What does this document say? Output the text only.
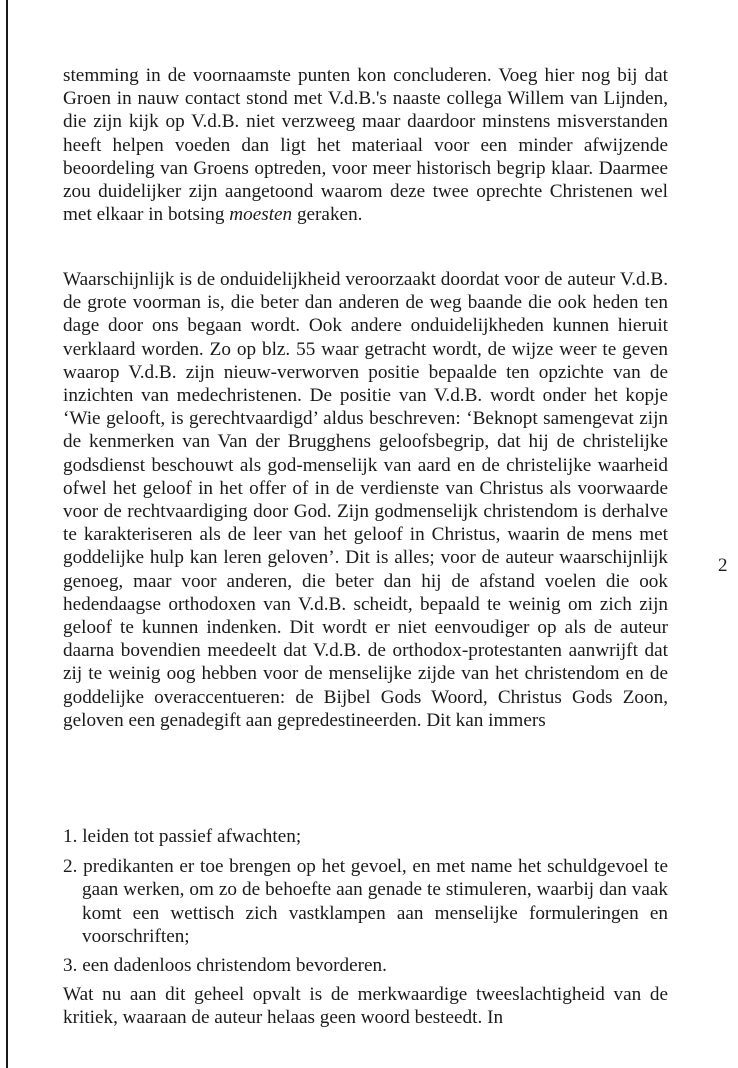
stemming in de voornaamste punten kon concluderen. Voeg hier nog bij dat Groen in nauw contact stond met V.d.B.'s naaste collega Willem van Lijnden, die zijn kijk op V.d.B. niet verzweeg maar daardoor minstens misverstanden heeft helpen voeden dan ligt het materiaal voor een minder afwijzende beoordeling van Groens optreden, voor meer historisch begrip klaar. Daarmee zou duidelijker zijn aangetoond waarom deze twee oprechte Christenen wel met elkaar in botsing moesten geraken.
Waarschijnlijk is de onduidelijkheid veroorzaakt doordat voor de auteur V.d.B. de grote voorman is, die beter dan anderen de weg baande die ook heden ten dage door ons begaan wordt. Ook andere onduidelijkheden kunnen hieruit verklaard worden. Zo op blz. 55 waar getracht wordt, de wijze weer te geven waarop V.d.B. zijn nieuw-verworven positie bepaalde ten opzichte van de inzichten van medechristenen. De positie van V.d.B. wordt onder het kopje ‘Wie gelooft, is gerechtvaardigd’ aldus beschreven: ‘Beknopt samengevat zijn de kenmerken van Van der Brugghens geloofsbegrip, dat hij de christelijke godsdienst beschouwt als god-menselijk van aard en de christelijke waarheid ofwel het geloof in het offer of in de verdienste van Christus als voorwaarde voor de rechtvaardiging door God. Zijn godmenselijk christendom is derhalve te karakteriseren als de leer van het geloof in Christus, waarin de mens met goddelijke hulp kan leren geloven’. Dit is alles; voor de auteur waarschijnlijk genoeg, maar voor anderen, die beter dan hij de afstand voelen die ook hedendaagse orthodoxen van V.d.B. scheidt, bepaald te weinig om zich zijn geloof te kunnen indenken. Dit wordt er niet eenvoudiger op als de auteur daarna bovendien meedeelt dat V.d.B. de orthodox-protestanten aanwrijft dat zij te weinig oog hebben voor de menselijke zijde van het christendom en de goddelijke overaccentueren: de Bijbel Gods Woord, Christus Gods Zoon, geloven een genadegift aan gepredestineerden. Dit kan immers
1. leiden tot passief afwachten;
2. predikanten er toe brengen op het gevoel, en met name het schuldgevoel te gaan werken, om zo de behoefte aan genade te stimuleren, waarbij dan vaak komt een wettisch zich vastklampen aan menselijke formuleringen en voorschriften;
3. een dadenloos christendom bevorderen.
Wat nu aan dit geheel opvalt is de merkwaardige tweeslachtigheid van de kritiek, waaraan de auteur helaas geen woord besteedt. In
2
